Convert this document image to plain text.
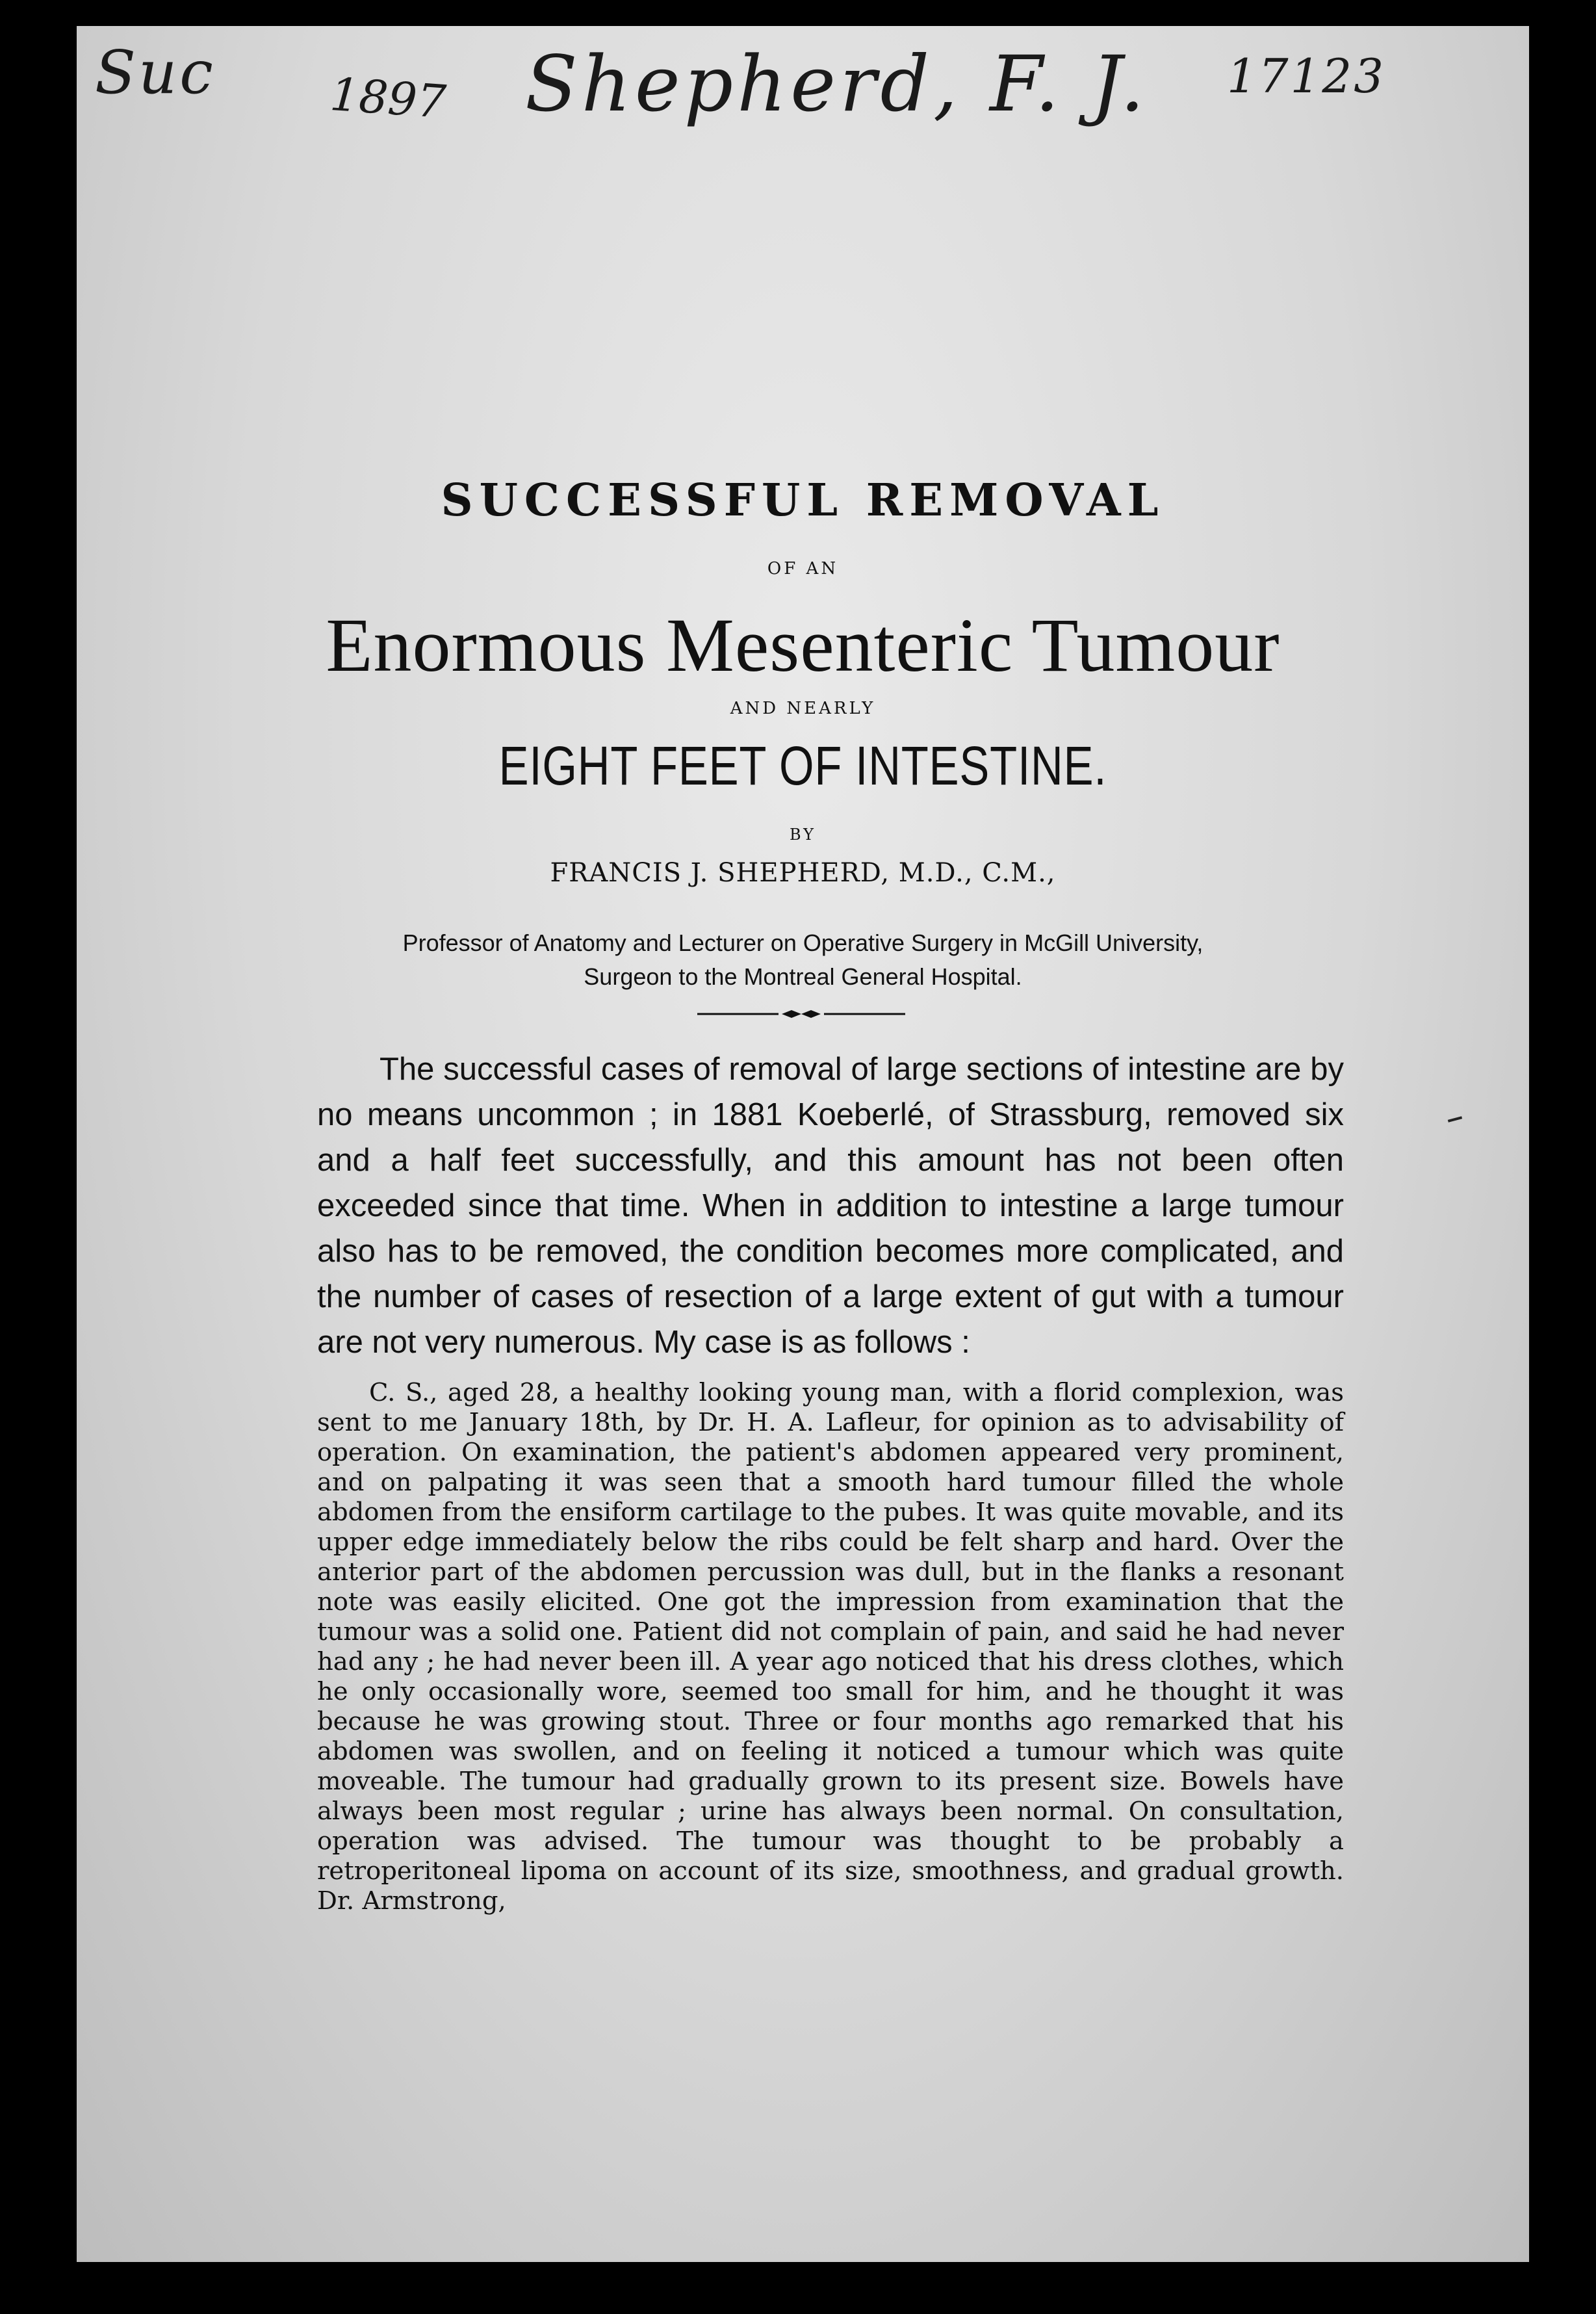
Suc 1897 Shepherd, F. J. 17123
SUCCESSFUL REMOVAL
OF AN
Enormous Mesenteric Tumour
AND NEARLY
EIGHT FEET OF INTESTINE.
BY
FRANCIS J. SHEPHERD, M.D., C.M.,
Professor of Anatomy and Lecturer on Operative Surgery in McGill University,
Surgeon to the Montreal General Hospital.
The successful cases of removal of large sections of intestine are by no means uncommon ; in 1881 Koeberlé, of Strassburg, removed six and a half feet successfully, and this amount has not been often exceeded since that time. When in addition to intestine a large tumour also has to be removed, the condition becomes more complicated, and the number of cases of resection of a large extent of gut with a tumour are not very numerous. My case is as follows :
C. S., aged 28, a healthy looking young man, with a florid complexion, was sent to me January 18th, by Dr. H. A. Lafleur, for opinion as to advisability of operation. On examination, the patient's abdomen appeared very prominent, and on palpating it was seen that a smooth hard tumour filled the whole abdomen from the ensiform cartilage to the pubes. It was quite movable, and its upper edge immediately below the ribs could be felt sharp and hard. Over the anterior part of the abdomen percussion was dull, but in the flanks a resonant note was easily elicited. One got the impression from examination that the tumour was a solid one. Patient did not complain of pain, and said he had never had any ; he had never been ill. A year ago noticed that his dress clothes, which he only occasionally wore, seemed too small for him, and he thought it was because he was growing stout. Three or four months ago remarked that his abdomen was swollen, and on feeling it noticed a tumour which was quite moveable. The tumour had gradually grown to its present size. Bowels have always been most regular ; urine has always been normal. On consultation, operation was advised. The tumour was thought to be probably a retroperitoneal lipoma on account of its size, smoothness, and gradual growth. Dr. Armstrong,
